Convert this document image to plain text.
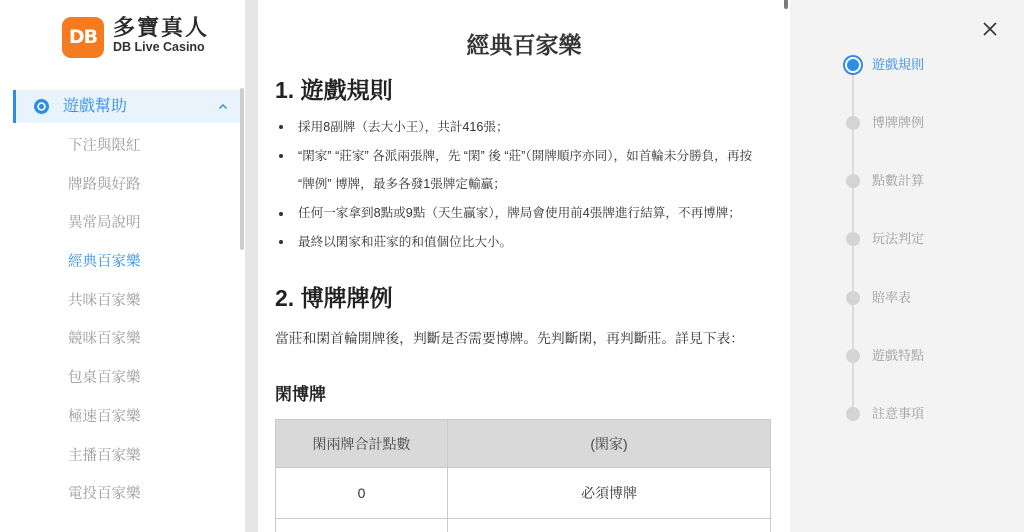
DB 多寶真人
DB Live Casino
遊戲幫助
下注與限紅
牌路與好路
異常局說明
經典百家樂
共咪百家樂
競咪百家樂
包桌百家樂
極速百家樂
主播百家樂
電投百家樂
經典百家樂
1. 遊戲規則
採用8副牌（去大小王），共計416張；
“閑家” “莊家” 各派兩張牌，先 “閑” 後 “莊”（開牌順序亦同），如首輪未分勝負，再按 “牌例” 博牌，最多各發1張牌定輸贏；
任何一家拿到8點或9點（天生贏家），牌局會使用前4張牌進行結算，不再博牌；
最終以閑家和莊家的和值個位比大小。
2. 博牌牌例

當莊和閑首輪開牌後，判斷是否需要博牌。先判斷閑，再判斷莊。詳見下表：

閑博牌
閑兩牌合計點數	(閑家)
0	必須博牌
遊戲規則
博牌牌例
點數計算
玩法判定
賠率表
遊戲特點
註意事項
